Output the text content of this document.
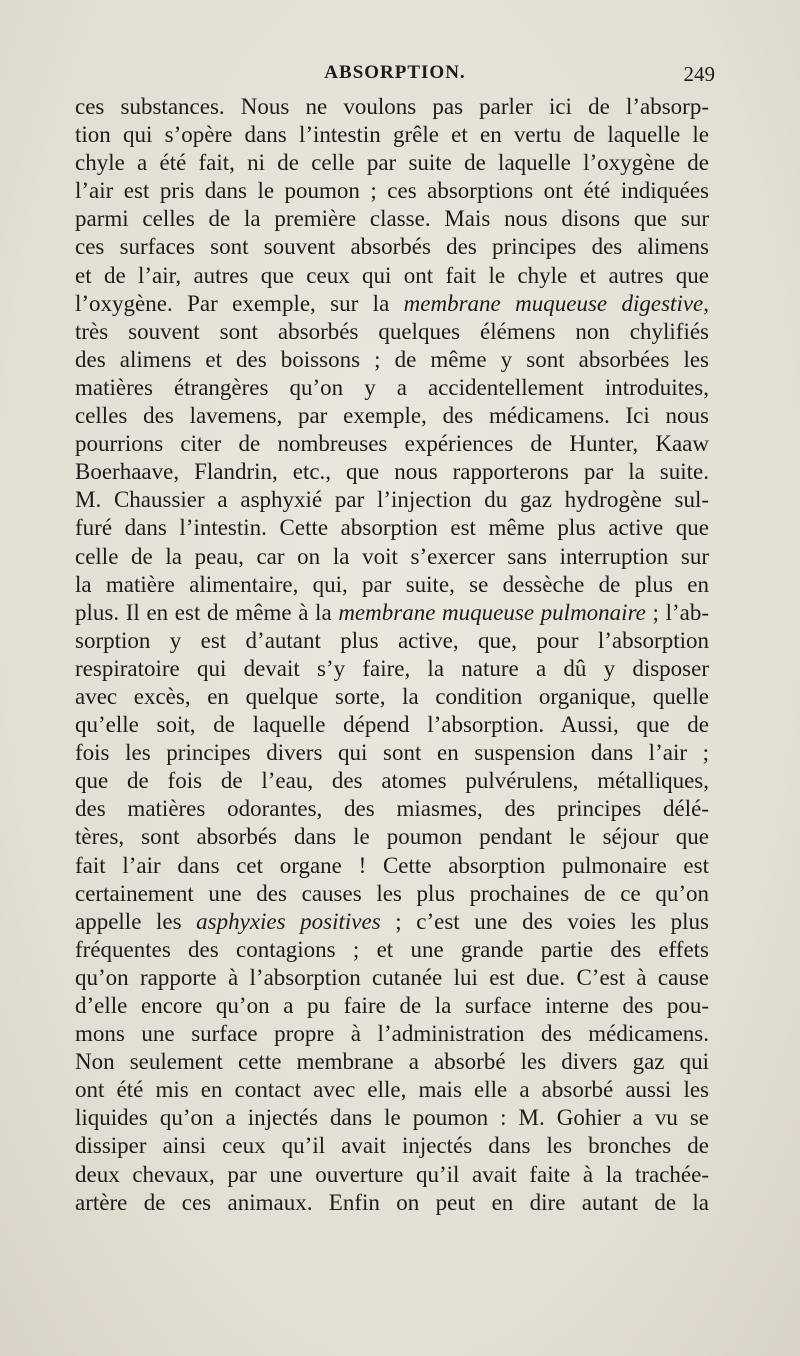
ABSORPTION.	249
ces substances. Nous ne voulons pas parler ici de l’absorp-
tion qui s’opère dans l’intestin grêle et en vertu de laquelle le
chyle a été fait, ni de celle par suite de laquelle l’oxygène de
l’air est pris dans le poumon ; ces absorptions ont été indiquées
parmi celles de la première classe. Mais nous disons que sur
ces surfaces sont souvent absorbés des principes des alimens
et de l’air, autres que ceux qui ont fait le chyle et autres que
l’oxygène. Par exemple, sur la membrane muqueuse digestive,
très souvent sont absorbés quelques élémens non chylifiés
des alimens et des boissons ; de même y sont absorbées les
matières étrangères qu’on y a accidentellement introduites,
celles des lavemens, par exemple, des médicamens. Ici nous
pourrions citer de nombreuses expériences de Hunter, Kaaw
Boerhaave, Flandrin, etc., que nous rapporterons par la suite.
M. Chaussier a asphyxié par l’injection du gaz hydrogène sul-
furé dans l’intestin. Cette absorption est même plus active que
celle de la peau, car on la voit s’exercer sans interruption sur
la matière alimentaire, qui, par suite, se dessèche de plus en
plus. Il en est de même à la membrane muqueuse pulmonaire ; l’ab-
sorption y est d’autant plus active, que, pour l’absorption
respiratoire qui devait s’y faire, la nature a dû y disposer
avec excès, en quelque sorte, la condition organique, quelle
qu’elle soit, de laquelle dépend l’absorption. Aussi, que de
fois les principes divers qui sont en suspension dans l’air ;
que de fois de l’eau, des atomes pulvérulens, métalliques,
des matières odorantes, des miasmes, des principes délé-
tères, sont absorbés dans le poumon pendant le séjour que
fait l’air dans cet organe ! Cette absorption pulmonaire est
certainement une des causes les plus prochaines de ce qu’on
appelle les asphyxies positives ; c’est une des voies les plus
fréquentes des contagions ; et une grande partie des effets
qu’on rapporte à l’absorption cutanée lui est due. C’est à cause
d’elle encore qu’on a pu faire de la surface interne des pou-
mons une surface propre à l’administration des médicamens.
Non seulement cette membrane a absorbé les divers gaz qui
ont été mis en contact avec elle, mais elle a absorbé aussi les
liquides qu’on a injectés dans le poumon : M. Gohier a vu se
dissiper ainsi ceux qu’il avait injectés dans les bronches de
deux chevaux, par une ouverture qu’il avait faite à la trachée-
artère de ces animaux. Enfin on peut en dire autant de la
